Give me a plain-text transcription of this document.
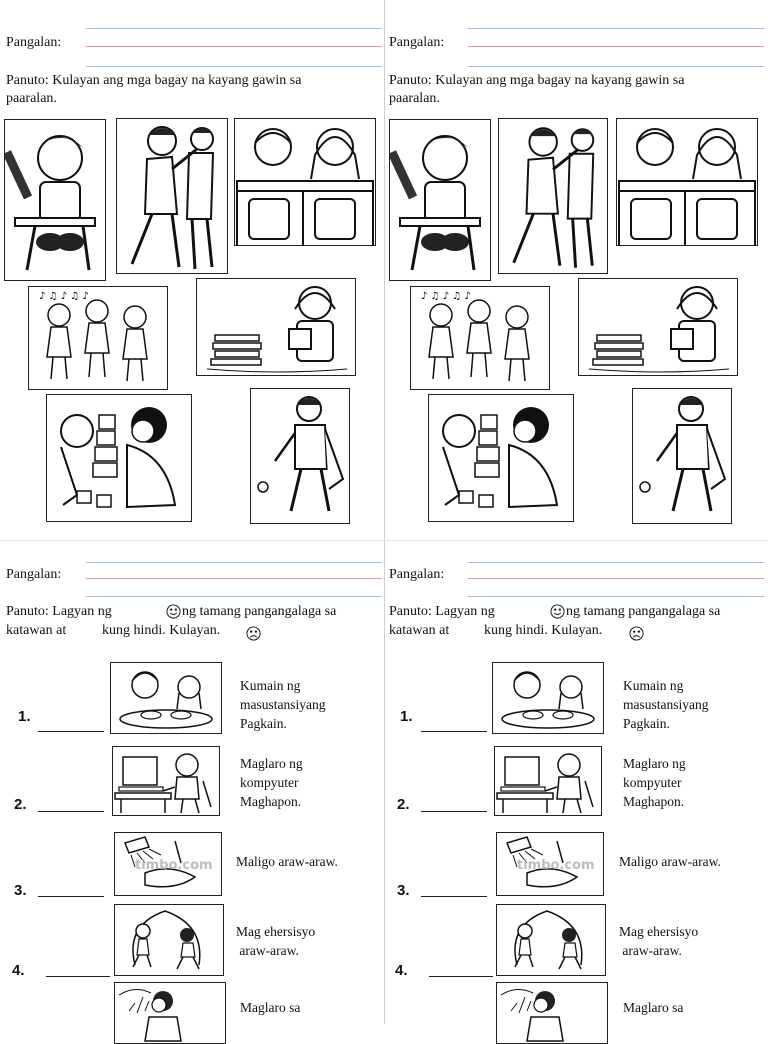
Pangalan:
Panuto: Kulayan ang mga bagay na kayang gawin sa
paaralan.
♪ ♫ ♪ ♫ ♪
Pangalan:
Panuto: Kulayan ang mga bagay na kayang gawin sa
paaralan.
♪ ♫ ♪ ♫ ♪
Pangalan:
Panuto: Lagyan ng	ng tamang pangangalaga sa
katawan at	kung hindi. Kulayan.
1.
Kumain ng
masustansiyang
Pagkain.
2.
Maglaro ng
kompyuter
Maghapon.
3.
timbo.com Maligo araw-araw.
4.
Mag ehersisyo
araw-araw.
Maglaro sa
Pangalan:
Panuto: Lagyan ng	ng tamang pangangalaga sa
katawan at kung hindi. Kulayan.
1.
Kumain ng
masustansiyang
Pagkain.
2.
Maglaro ng
kompyuter
Maghapon.
3.
timbo.com Maligo araw-araw.
4.
Mag ehersisyo
araw-araw.
Maglaro sa
